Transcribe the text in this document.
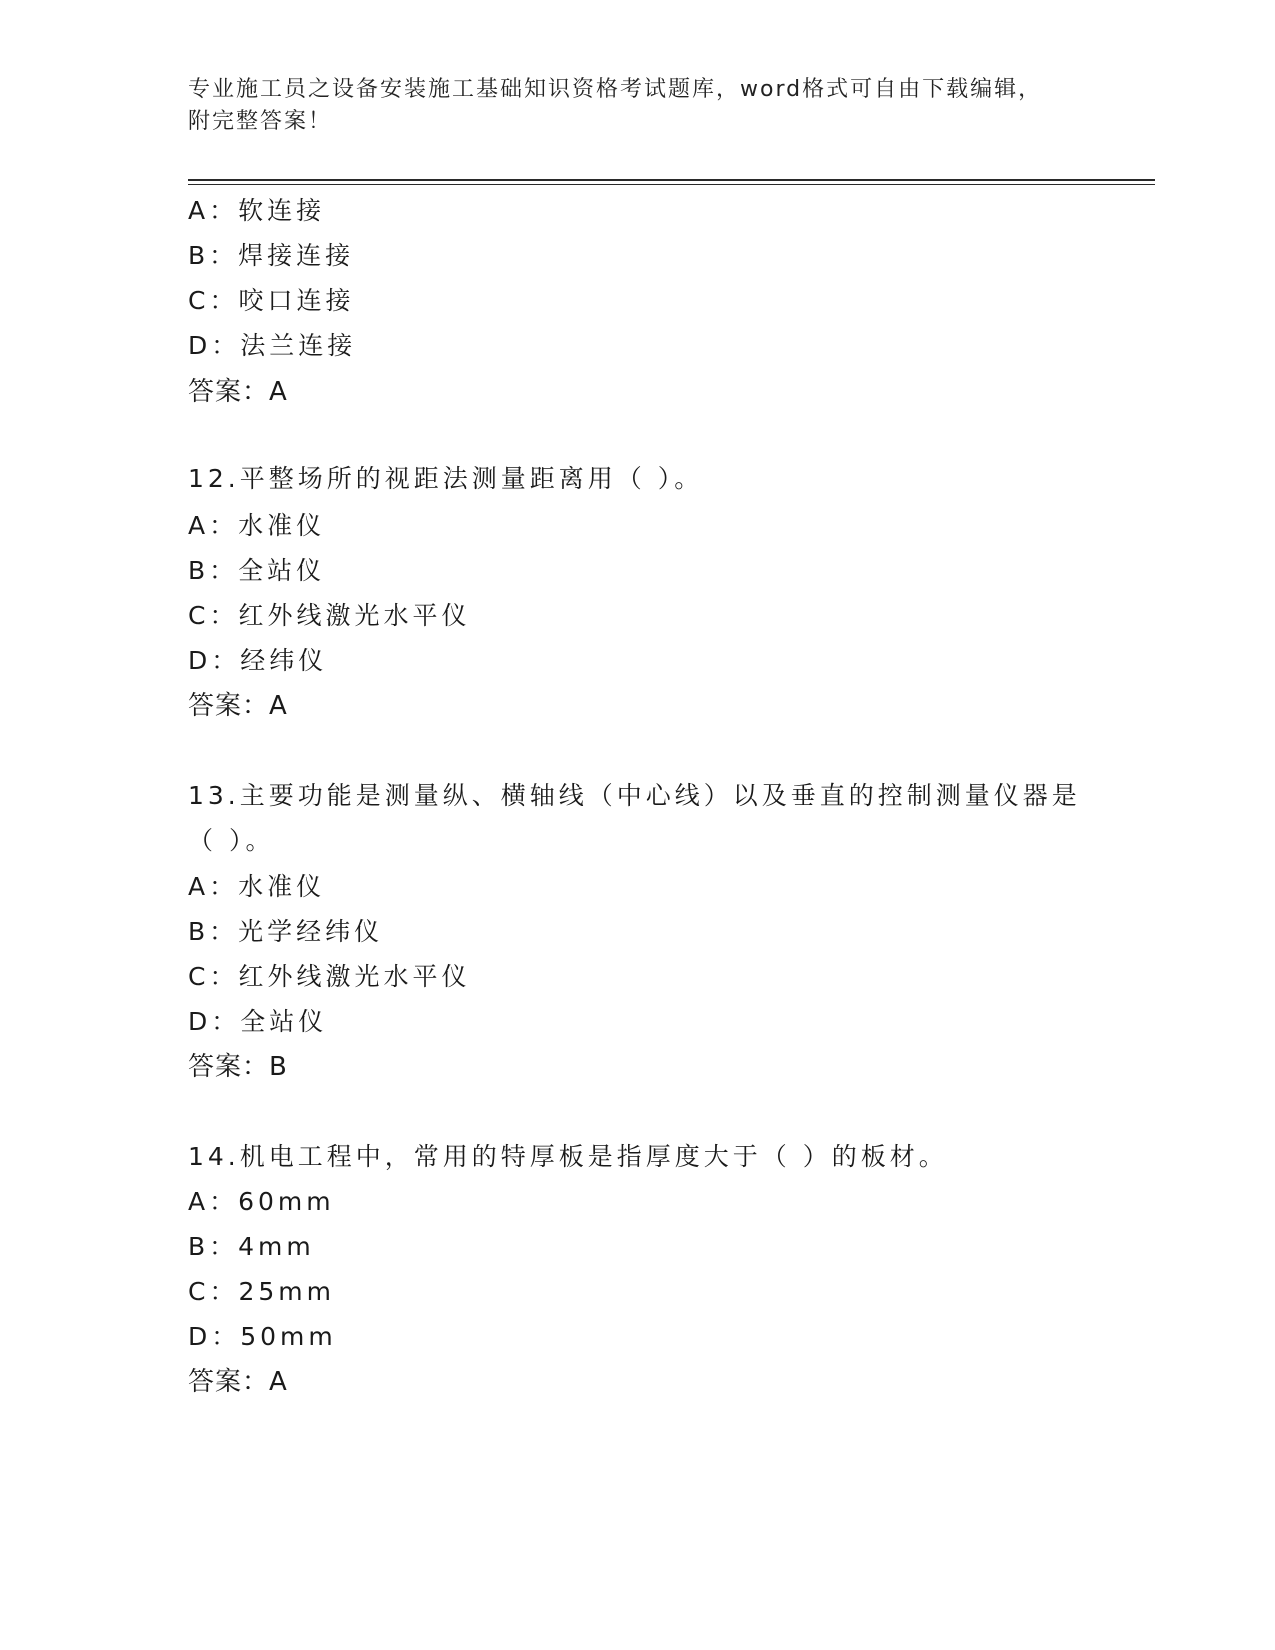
专业施工员之设备安装施工基础知识资格考试题库，word格式可自由下载编辑，
附完整答案！
A：软连接
B：焊接连接
C：咬口连接
D：法兰连接
答案：A
12.平整场所的视距法测量距离用（ ）。
A：水准仪
B：全站仪
C：红外线激光水平仪
D：经纬仪
答案：A
13.主要功能是测量纵、横轴线（中心线）以及垂直的控制测量仪器是
（ ）。
A：水准仪
B：光学经纬仪
C：红外线激光水平仪
D：全站仪
答案：B
14.机电工程中，常用的特厚板是指厚度大于（ ）的板材。
A：60mm
B：4mm
C：25mm
D：50mm
答案：A
